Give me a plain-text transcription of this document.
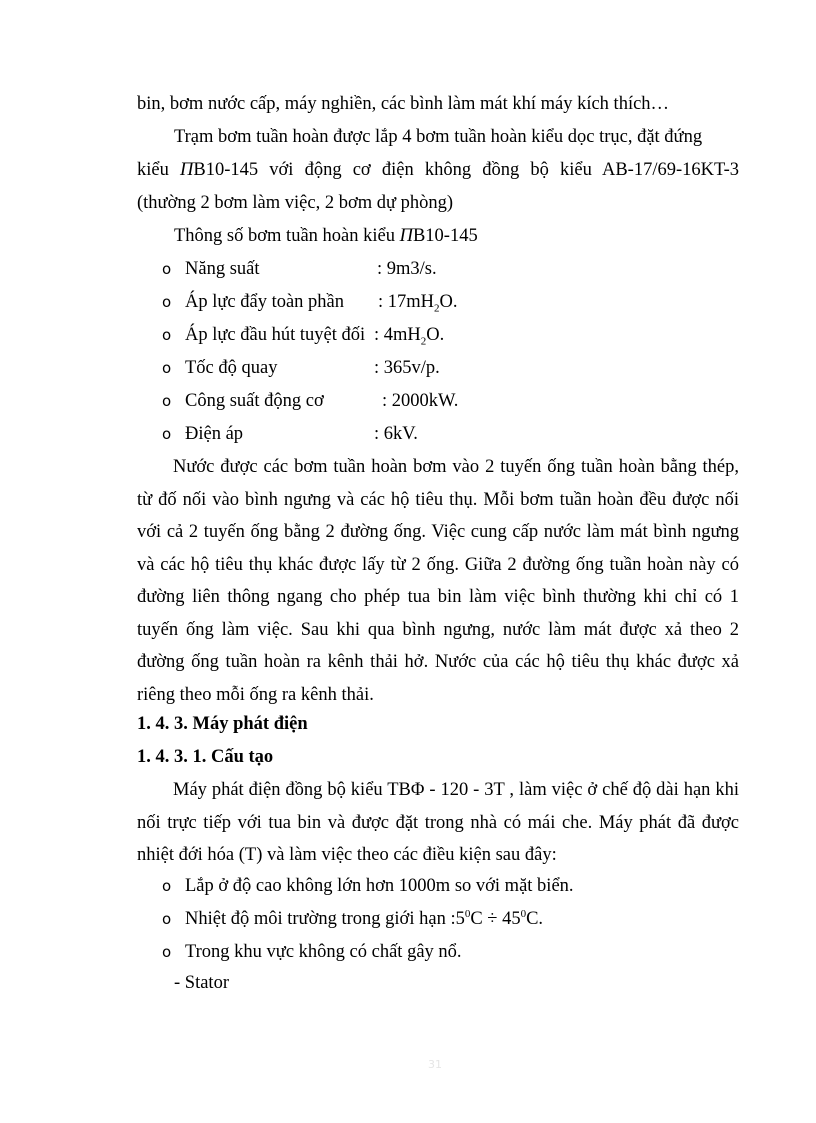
bin, bơm nước cấp, máy nghiền, các bình làm mát khí máy kích thích…
Trạm bơm tuần hoàn được lắp 4 bơm tuần hoàn kiểu dọc trục, đặt đứng
kiểu ПB10-145 với động cơ điện không đồng bộ kiểu AB-17/69-16KT-3
(thường 2 bơm làm việc, 2 bơm dự phòng)
Thông số bơm tuần hoàn kiểu ПB10-145
o Năng suất	: 9m3/s.
o Áp lực đẩy toàn phần : $17mH_2O$.
o Áp lực đầu hút tuyệt đối : $4mH_2O$.
o Tốc độ quay	: 365v/p.
o Công suất động cơ	: 2000kW.
o Điện áp	: 6kV.
Nước được các bơm tuần hoàn bơm vào 2 tuyến ống tuần hoàn bằng thép, từ đố nối vào bình ngưng và các hộ tiêu thụ. Mỗi bơm tuần hoàn đều được nối với cả 2 tuyến ống bằng 2 đường ống. Việc cung cấp nước làm mát bình ngưng và các hộ tiêu thụ khác được lấy từ 2 ống. Giữa 2 đường ống tuần hoàn này có đường liên thông ngang cho phép tua bin làm việc bình thường khi chỉ có 1 tuyến ống làm việc. Sau khi qua bình ngưng, nước làm mát được xả theo 2 đường ống tuần hoàn ra kênh thải hở. Nước của các hộ tiêu thụ khác được xả riêng theo mỗi ống ra kênh thải.
1. 4. 3. Máy phát điện
1. 4. 3. 1. Cấu tạo
Máy phát điện đồng bộ kiểu TBΦ - 120 - 3T , làm việc ở chế độ dài hạn khi nối trực tiếp với tua bin và được đặt trong nhà có mái che. Máy phát đã được nhiệt đới hóa (T) và làm việc theo các điều kiện sau đây:
o Lắp ở độ cao không lớn hơn 1000m so với mặt biển.
o Nhiệt độ môi trường trong giới hạn $:5^0C \div 45^0C$.
o Trong khu vực không có chất gây nổ.
- Stator
31
